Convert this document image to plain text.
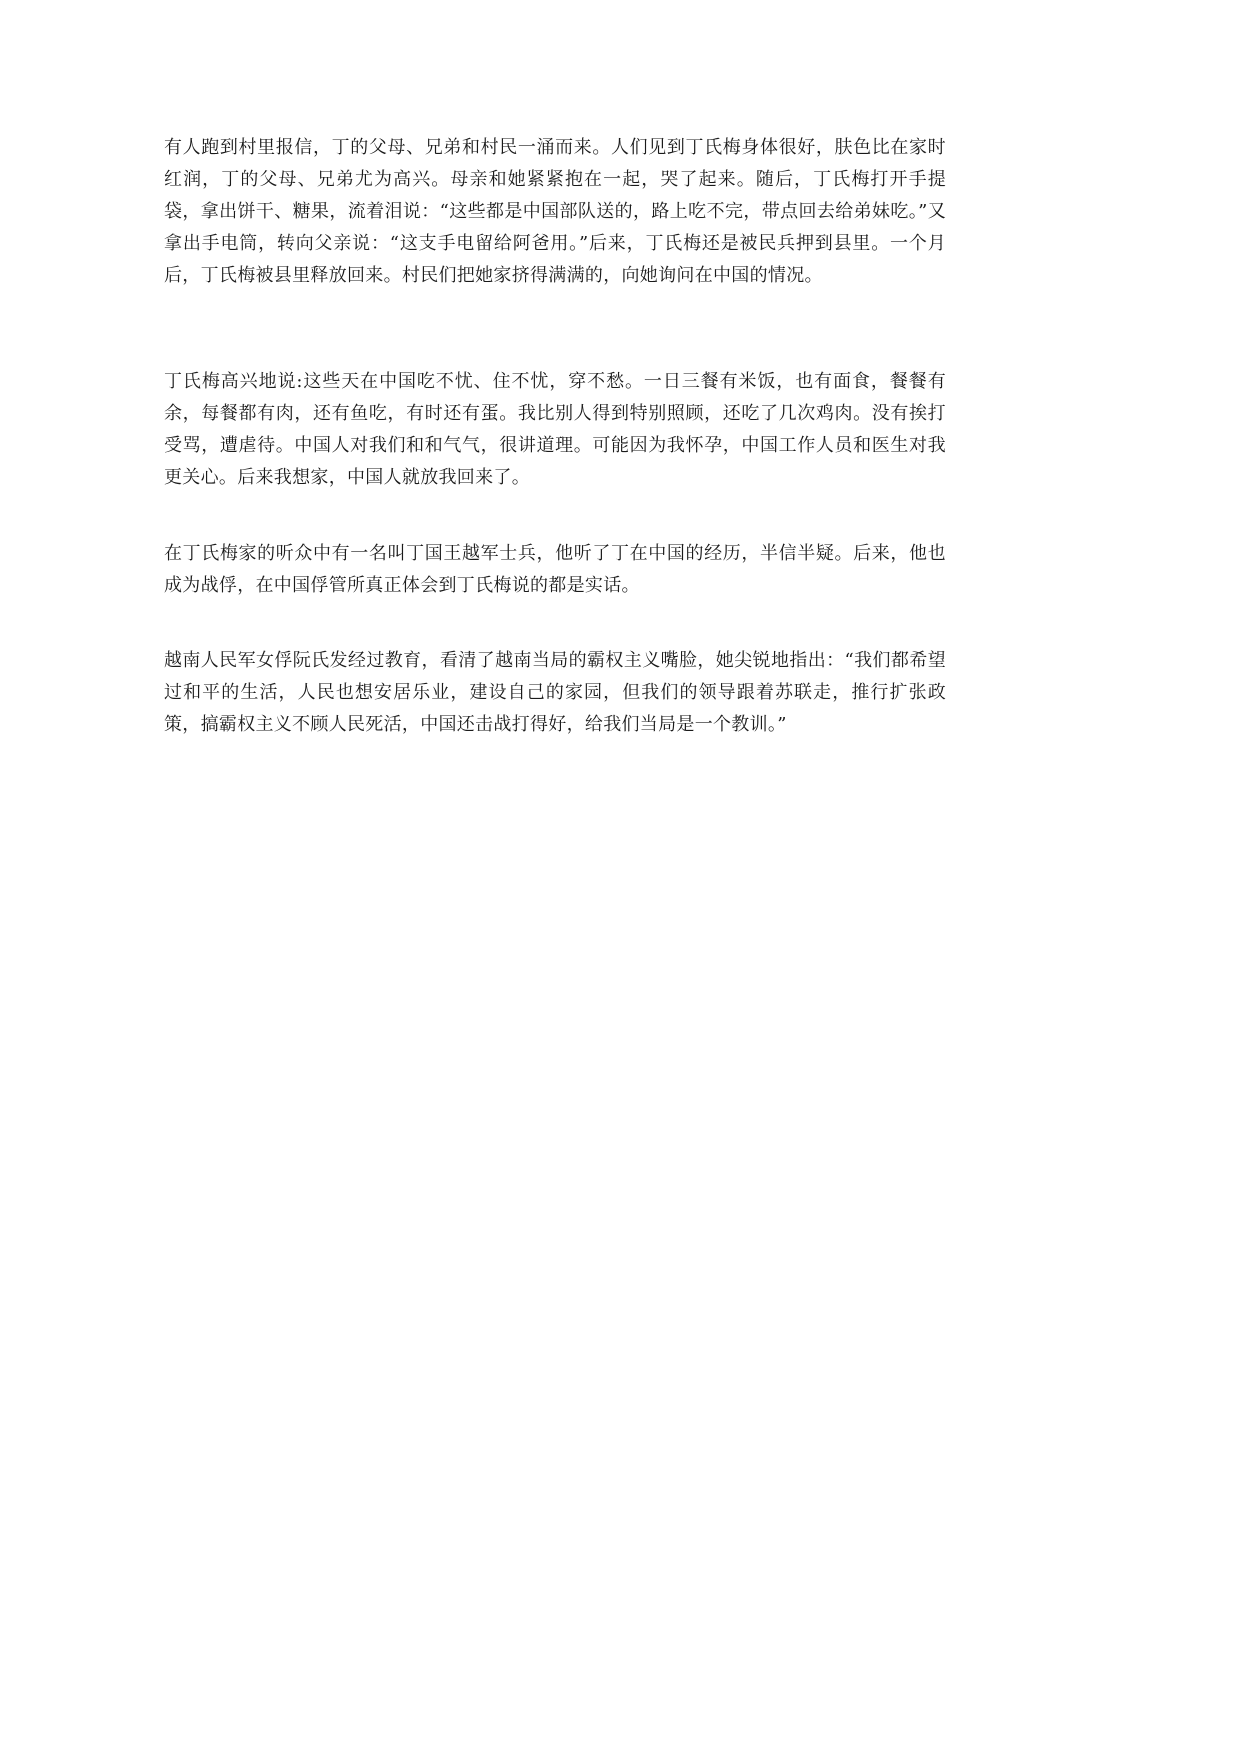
有人跑到村里报信，丁的父母、兄弟和村民一涌而来。人们见到丁氏梅身体很好，肤色比在家时红润，丁的父母、兄弟尤为高兴。母亲和她紧紧抱在一起，哭了起来。随后，丁氏梅打开手提袋，拿出饼干、糖果，流着泪说：“这些都是中国部队送的，路上吃不完，带点回去给弟妹吃。”又拿出手电筒，转向父亲说：“这支手电留给阿爸用。”后来，丁氏梅还是被民兵押到县里。一个月后，丁氏梅被县里释放回来。村民们把她家挤得满满的，向她询问在中国的情况。

丁氏梅高兴地说:这些天在中国吃不忧、住不忧，穿不愁。一日三餐有米饭，也有面食，餐餐有余，每餐都有肉，还有鱼吃，有时还有蛋。我比别人得到特别照顾，还吃了几次鸡肉。没有挨打受骂，遭虐待。中国人对我们和和气气，很讲道理。可能因为我怀孕，中国工作人员和医生对我更关心。后来我想家，中国人就放我回来了。

在丁氏梅家的听众中有一名叫丁国王越军士兵，他听了丁在中国的经历，半信半疑。后来，他也成为战俘，在中国俘管所真正体会到丁氏梅说的都是实话。

越南人民军女俘阮氏发经过教育，看清了越南当局的霸权主义嘴脸，她尖锐地指出：“我们都希望过和平的生活，人民也想安居乐业，建设自己的家园，但我们的领导跟着苏联走，推行扩张政策，搞霸权主义不顾人民死活，中国还击战打得好，给我们当局是一个教训。”
